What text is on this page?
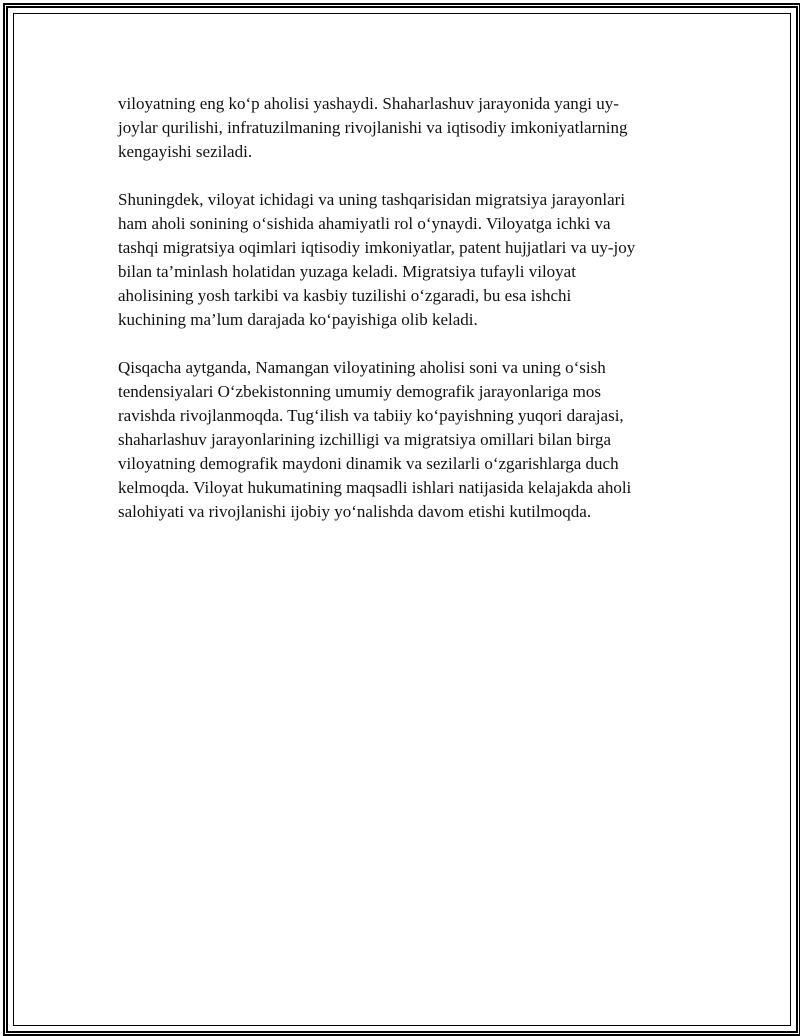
viloyatning eng ko‘p aholisi yashaydi. Shaharlashuv jarayonida yangi uy-
joylar qurilishi, infratuzilmaning rivojlanishi va iqtisodiy imkoniyatlarning
kengayishi seziladi.

Shuningdek, viloyat ichidagi va uning tashqarisidan migratsiya jarayonlari
ham aholi sonining o‘sishida ahamiyatli rol o‘ynaydi. Viloyatga ichki va
tashqi migratsiya oqimlari iqtisodiy imkoniyatlar, patent hujjatlari va uy-joy
bilan ta’minlash holatidan yuzaga keladi. Migratsiya tufayli viloyat
aholisining yosh tarkibi va kasbiy tuzilishi o‘zgaradi, bu esa ishchi
kuchining ma’lum darajada ko‘payishiga olib keladi.

Qisqacha aytganda, Namangan viloyatining aholisi soni va uning o‘sish
tendensiyalari O‘zbekistonning umumiy demografik jarayonlariga mos
ravishda rivojlanmoqda. Tug‘ilish va tabiiy ko‘payishning yuqori darajasi,
shaharlashuv jarayonlarining izchilligi va migratsiya omillari bilan birga
viloyatning demografik maydoni dinamik va sezilarli o‘zgarishlarga duch
kelmoqda. Viloyat hukumatining maqsadli ishlari natijasida kelajakda aholi
salohiyati va rivojlanishi ijobiy yo‘nalishda davom etishi kutilmoqda.
